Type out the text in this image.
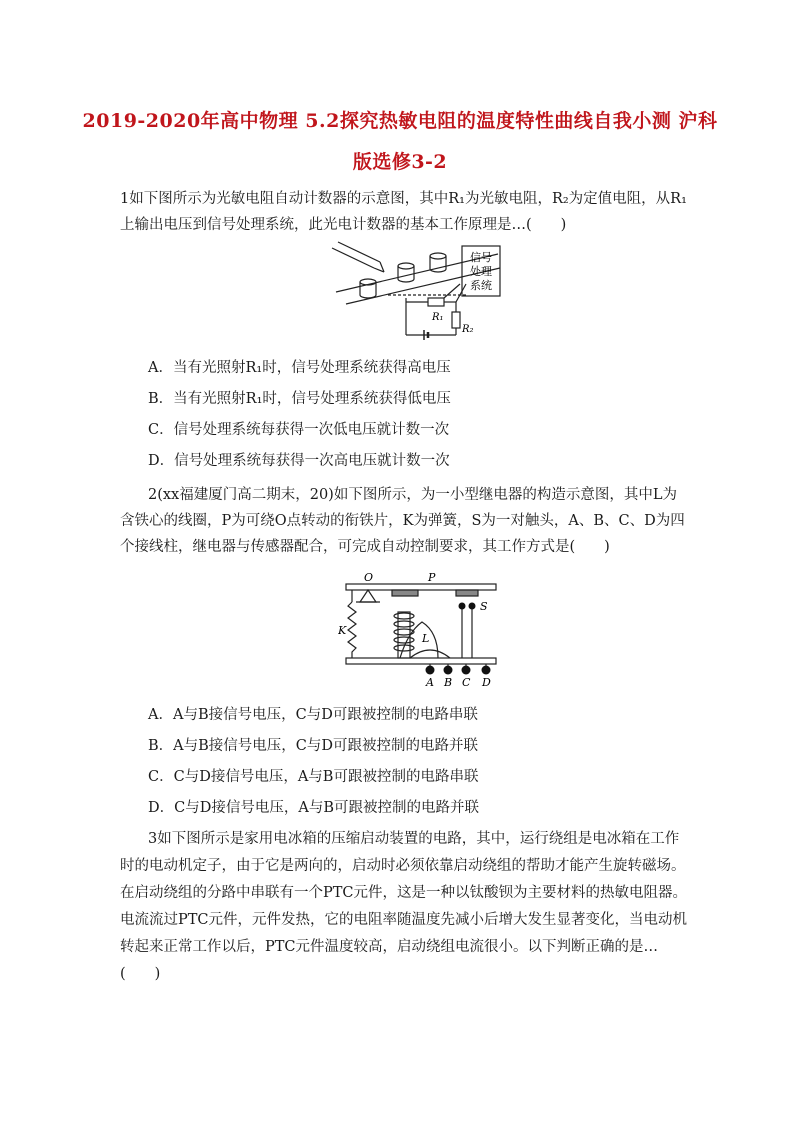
2019-2020年高中物理 5.2探究热敏电阻的温度特性曲线自我小测 沪科
版选修3-2

1如下图所示为光敏电阻自动计数器的示意图，其中R₁为光敏电阻，R₂为定值电阻，从R₁上输出电压到信号处理系统，此光电计数器的基本工作原理是…(　　)

信号
处理
系统
R₁
R₂

A．当有光照射R₁时，信号处理系统获得高电压

B．当有光照射R₁时，信号处理系统获得低电压

C．信号处理系统每获得一次低电压就计数一次

D．信号处理系统每获得一次高电压就计数一次

2(xx福建厦门高二期末，20)如下图所示，为一小型继电器的构造示意图，其中L为含铁心的线圈，P为可绕O点转动的衔铁片，K为弹簧，S为一对触头，A、B、C、D为四个接线柱，继电器与传感器配合，可完成自动控制要求，其工作方式是(　　)

O	P
S
K
L
A B C D

A．A与B接信号电压，C与D可跟被控制的电路串联

B．A与B接信号电压，C与D可跟被控制的电路并联

C．C与D接信号电压，A与B可跟被控制的电路串联

D．C与D接信号电压，A与B可跟被控制的电路并联

3如下图所示是家用电冰箱的压缩启动装置的电路，其中，运行绕组是电冰箱在工作时的电动机定子，由于它是两向的，启动时必须依靠启动绕组的帮助才能产生旋转磁场。在启动绕组的分路中串联有一个PTC元件，这是一种以钛酸钡为主要材料的热敏电阻器。电流流过PTC元件，元件发热，它的电阻率随温度先减小后增大发生显著变化，当电动机转起来正常工作以后，PTC元件温度较高，启动绕组电流很小。以下判断正确的是…(　　)
